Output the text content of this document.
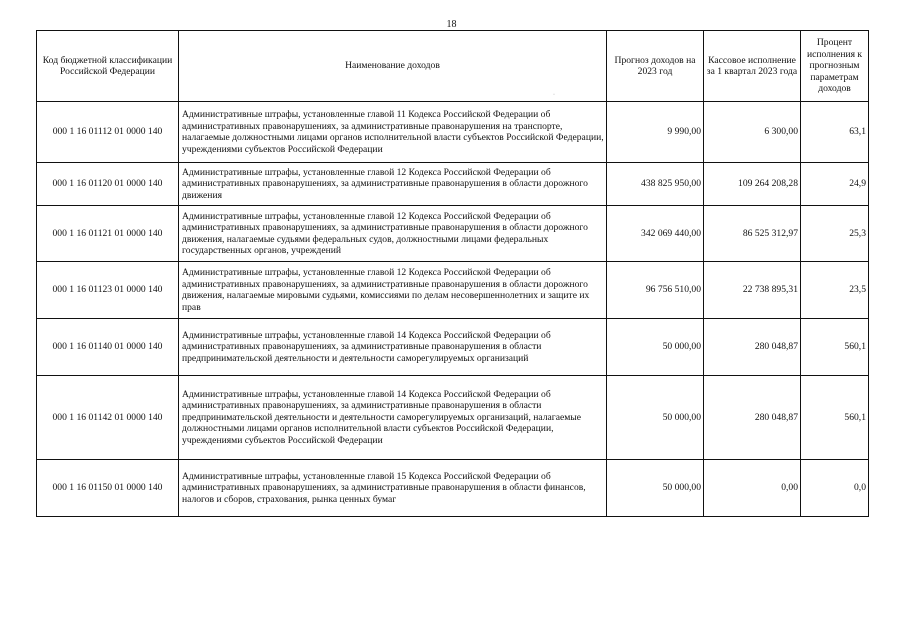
18
·
Код бюджетной классификации Российской Федерации	Наименование доходов	Прогноз доходов на 2023 год	Кассовое исполнение за 1 квартал 2023 года	Процент исполнения к прогнозным параметрам доходов
000 1 16 01112 01 0000 140	Административные штрафы, установленные главой 11 Кодекса Российской Федерации об административных правонарушениях, за административные правонарушения на транспорте, налагаемые должностными лицами органов исполнительной власти субъектов Российской Федерации, учреждениями субъектов Российской Федерации	9 990,00	6 300,00	63,1
000 1 16 01120 01 0000 140	Административные штрафы, установленные главой 12 Кодекса Российской Федерации об административных правонарушениях, за административные правонарушения в области дорожного движения	438 825 950,00	109 264 208,28	24,9
000 1 16 01121 01 0000 140	Административные штрафы, установленные главой 12 Кодекса Российской Федерации об административных правонарушениях, за административные правонарушения в области дорожного движения, налагаемые судьями федеральных судов, должностными лицами федеральных государственных органов, учреждений	342 069 440,00	86 525 312,97	25,3
000 1 16 01123 01 0000 140	Административные штрафы, установленные главой 12 Кодекса Российской Федерации об административных правонарушениях, за административные правонарушения в области дорожного движения, налагаемые мировыми судьями, комиссиями по делам несовершеннолетних и защите их прав	96 756 510,00	22 738 895,31	23,5
000 1 16 01140 01 0000 140	Административные штрафы, установленные главой 14 Кодекса Российской Федерации об административных правонарушениях, за административные правонарушения в области предпринимательской деятельности и деятельности саморегулируемых организаций	50 000,00	280 048,87	560,1
000 1 16 01142 01 0000 140	Административные штрафы, установленные главой 14 Кодекса Российской Федерации об административных правонарушениях, за административные правонарушения в области предпринимательской деятельности и деятельности саморегулируемых организаций, налагаемые должностными лицами органов исполнительной власти субъектов Российской Федерации, учреждениями субъектов Российской Федерации	50 000,00	280 048,87	560,1
000 1 16 01150 01 0000 140	Административные штрафы, установленные главой 15 Кодекса Российской Федерации об административных правонарушениях, за административные правонарушения в области финансов, налогов и сборов, страхования, рынка ценных бумаг	50 000,00	0,00	0,0
